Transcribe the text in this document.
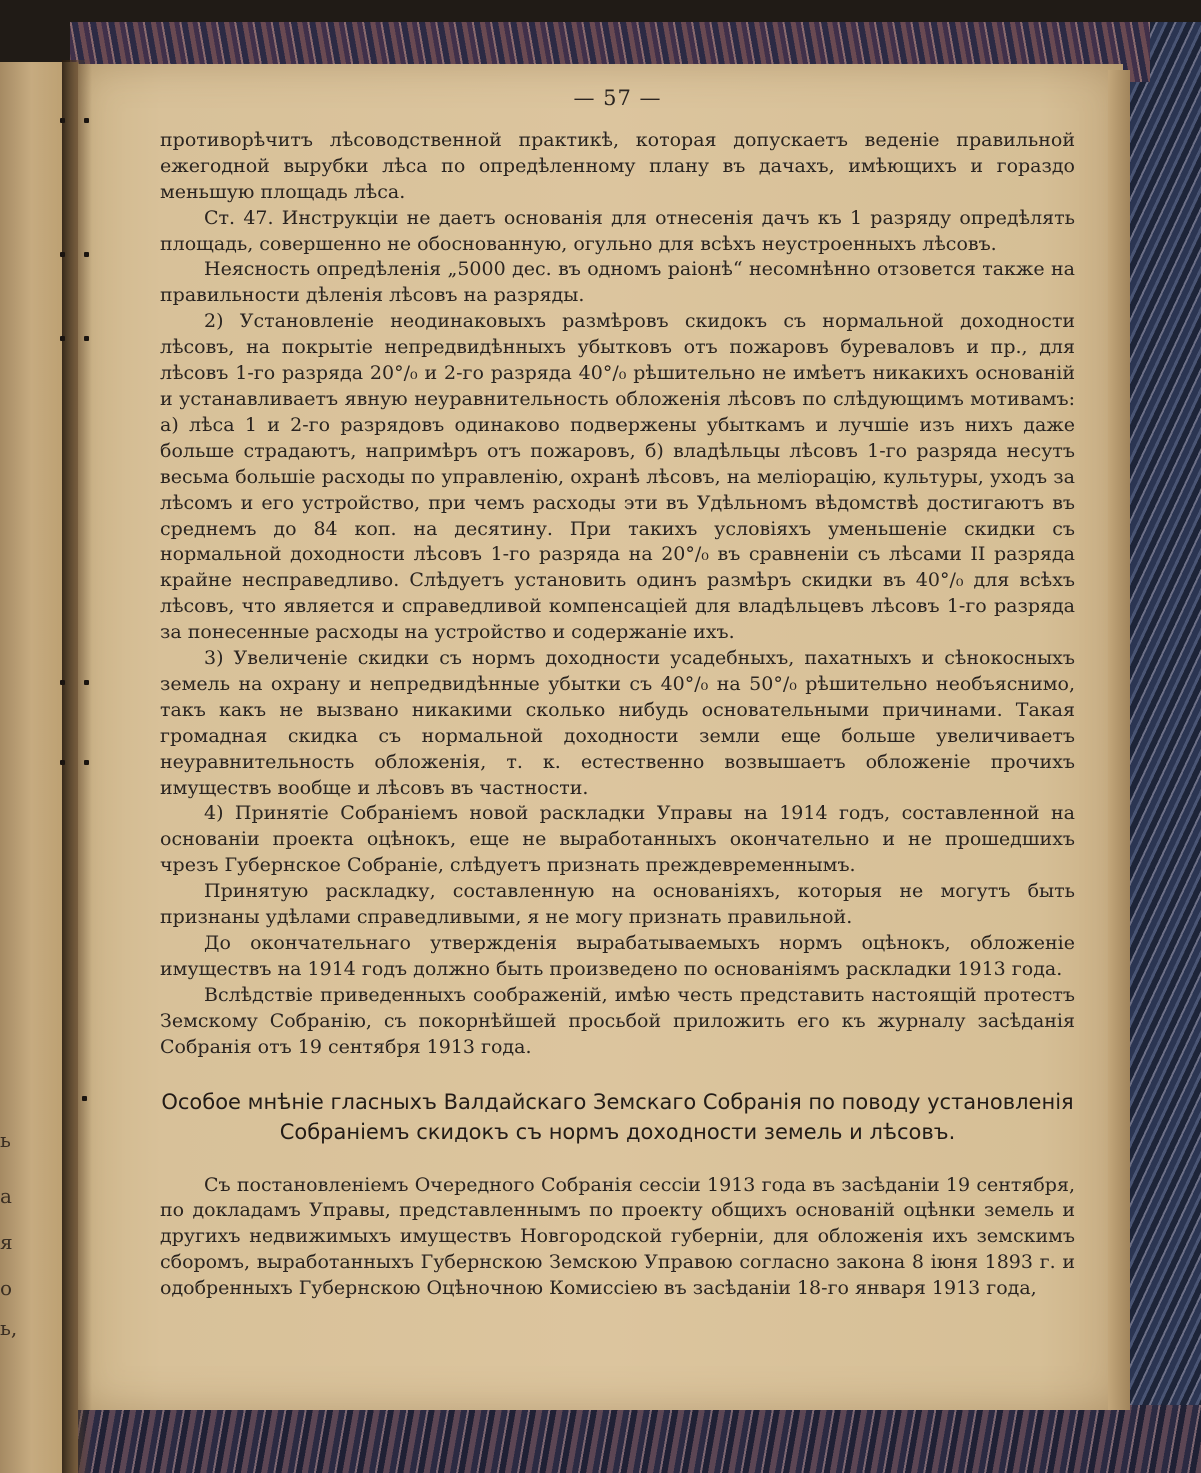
ь
а
я
о
ь,
— 57 —

противорѣчитъ лѣсоводственной практикѣ, которая допускаетъ веденіе правильной ежегодной вырубки лѣса по опредѣленному плану въ дачахъ, имѣющихъ и гораздо меньшую площадь лѣса.

Ст. 47. Инструкціи не даетъ основанія для отнесенія дачъ къ 1 разряду опредѣлять площадь, совершенно не обоснованную, огульно для всѣхъ неустроенныхъ лѣсовъ.

Неясность опредѣленія „5000 дес. въ одномъ раіонѣ“ несомнѣнно отзовется также на правильности дѣленія лѣсовъ на разряды.

2) Установленіе неодинаковыхъ размѣровъ скидокъ съ нормальной доходности лѣсовъ, на покрытіе непредвидѣнныхъ убытковъ отъ пожаровъ буреваловъ и пр., для лѣсовъ 1-го разряда 20°/₀ и 2-го разряда 40°/₀ рѣшительно не имѣетъ никакихъ основаній и устанавливаетъ явную неуравнительность обложенія лѣсовъ по слѣдующимъ мотивамъ: а) лѣса 1 и 2-го разрядовъ одинаково подвержены убыткамъ и лучшіе изъ нихъ даже больше страдаютъ, напримѣръ отъ пожаровъ, б) владѣльцы лѣсовъ 1-го разряда несутъ весьма большіе расходы по управленію, охранѣ лѣсовъ, на меліорацію, культуры, уходъ за лѣсомъ и его устройство, при чемъ расходы эти въ Удѣльномъ вѣдомствѣ достигаютъ въ среднемъ до 84 коп. на десятину. При такихъ условіяхъ уменьшеніе скидки съ нормальной доходности лѣсовъ 1-го разряда на 20°/₀ въ сравненіи съ лѣсами II разряда крайне несправедливо. Слѣдуетъ установить одинъ размѣръ скидки въ 40°/₀ для всѣхъ лѣсовъ, что является и справедливой компенсаціей для владѣльцевъ лѣсовъ 1-го разряда за понесенные расходы на устройство и содержаніе ихъ.

3) Увеличеніе скидки съ нормъ доходности усадебныхъ, пахатныхъ и сѣнокосныхъ земель на охрану и непредвидѣнные убытки съ 40°/₀ на 50°/₀ рѣшительно необъяснимо, такъ какъ не вызвано никакими сколько нибудь основательными причинами. Такая громадная скидка съ нормальной доходности земли еще больше увеличиваетъ неуравнительность обложенія, т. к. естественно возвышаетъ обложеніе прочихъ имуществъ вообще и лѣсовъ въ частности.

4) Принятіе Собраніемъ новой раскладки Управы на 1914 годъ, составленной на основаніи проекта оцѣнокъ, еще не выработанныхъ окончательно и не прошедшихъ чрезъ Губернское Собраніе, слѣдуетъ признать преждевременнымъ.

Принятую раскладку, составленную на основаніяхъ, которыя не могутъ быть признаны удѣлами справедливыми, я не могу признать правильной.

До окончательнаго утвержденія вырабатываемыхъ нормъ оцѣнокъ, обложеніе имуществъ на 1914 годъ должно быть произведено по основаніямъ раскладки 1913 года.

Вслѣдствіе приведенныхъ соображеній, имѣю честь представить настоящій протестъ Земскому Собранію, съ покорнѣйшей просьбой приложить его къ журналу засѣданія Собранія отъ 19 сентября 1913 года.

Особое мнѣніе гласныхъ Валдайскаго Земскаго Собранія по поводу установленія Собраніемъ скидокъ съ нормъ доходности земель и лѣсовъ.

Съ постановленіемъ Очередного Собранія сессіи 1913 года въ засѣданіи 19 сентября, по докладамъ Управы, представленнымъ по проекту общихъ основаній оцѣнки земель и другихъ недвижимыхъ имуществъ Новгородской губерніи, для обложенія ихъ земскимъ сборомъ, выработанныхъ Губернскою Земскою Управою согласно закона 8 іюня 1893 г. и одобренныхъ Губернскою Оцѣночною Комиссіею въ засѣданіи 18-го января 1913 года,
